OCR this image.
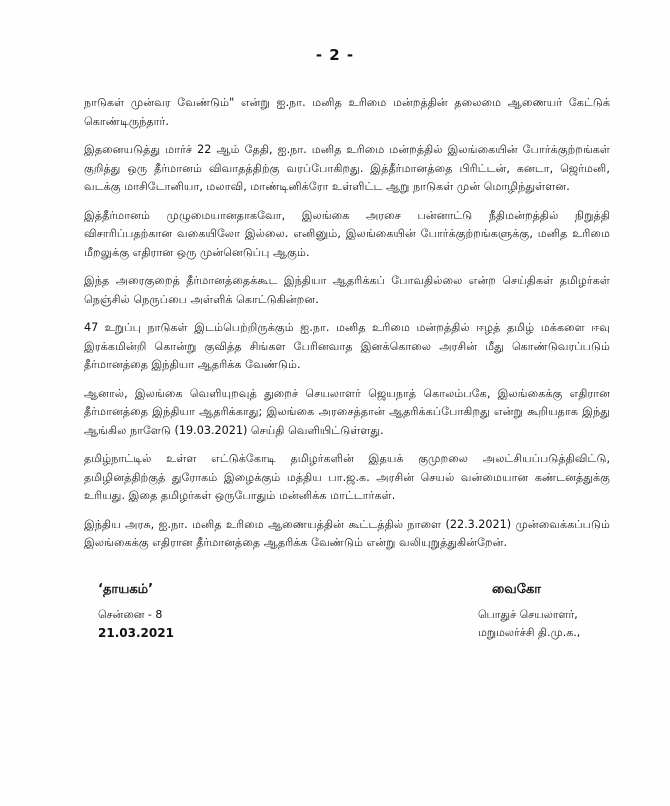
- 2 -

நாடுகள் முன்வர வேண்டும்" என்று ஐ.நா. மனித உரிமை மன்றத்தின் தலைமை ஆணையர் கேட்டுக் கொண்டிருந்தார்.

இதனையடுத்து மார்ச் 22 ஆம் தேதி, ஐ.நா. மனித உரிமை மன்றத்தில் இலங்கையின் போர்க்குற்றங்கள் குறித்து ஒரு தீர்மானம் விவாதத்திற்கு வரப்போகிறது. இத்தீர்மானத்தை பிரிட்டன், கனடா, ஜெர்மனி, வடக்கு மாசிடோனியா, மலாவி, மாண்டினிக்ரோ உள்ளிட்ட ஆறு நாடுகள் முன் மொழிந்துள்ளன.

இத்தீர்மானம் முழுமையானதாகவோ, இலங்கை அரசை பன்னாட்டு நீதிமன்றத்தில் நிறுத்தி விசாரிப்பதற்கான வகையிலோ இல்லை. எனினும், இலங்கையின் போர்க்குற்றங்களுக்கு, மனித உரிமை மீறலுக்கு எதிரான ஒரு முன்னெடுப்பு ஆகும்.

இந்த அரைகுறைத் தீர்மானத்தைக்கூட இந்தியா ஆதரிக்கப் போவதில்லை என்ற செய்திகள் தமிழர்கள் நெஞ்சில் நெருப்பை அள்ளிக் கொட்டுகின்றன.

47 உறுப்பு நாடுகள் இடம்பெற்றிருக்கும் ஐ.நா. மனித உரிமை மன்றத்தில் ஈழத் தமிழ் மக்களை ஈவு இரக்கமின்றி கொன்று குவித்த சிங்கள பேரினவாத இனக்கொலை அரசின் மீது கொண்டுவரப்படும் தீர்மானத்தை இந்தியா ஆதரிக்க வேண்டும்.

ஆனால், இலங்கை வெளியுறவுத் துறைச் செயலாளர் ஜெயநாத் கொலம்பகே, இலங்கைக்கு எதிரான தீர்மானத்தை இந்தியா ஆதரிக்காது; இலங்கை அரசைத்தான் ஆதரிக்கப்போகிறது என்று கூறியதாக இந்து ஆங்கில நாளேடு (19.03.2021) செய்தி வெளியிட்டுள்ளது.

தமிழ்நாட்டில் உள்ள எட்டுக்கோடி தமிழர்களின் இதயக் குமுறலை அலட்சியப்படுத்திவிட்டு, தமிழினத்திற்குத் துரோகம் இழைக்கும் மத்திய பா.ஜ.க. அரசின் செயல் வன்மையான கண்டனத்துக்கு உரியது. இதை தமிழர்கள் ஒருபோதும் மன்னிக்க மாட்டார்கள்.

இந்திய அரசு, ஐ.நா. மனித உரிமை ஆணையத்தின் கூட்டத்தில் நாளை (22.3.2021) முன்வைக்கப்படும் இலங்கைக்கு எதிரான தீர்மானத்தை ஆதரிக்க வேண்டும் என்று வலியுறுத்துகின்றேன்.

‘தாயகம்’

சென்னை - 8

21.03.2021

வைகோ

பொதுச் செயலாளர்,

மறுமலர்ச்சி தி.மு.க.,
